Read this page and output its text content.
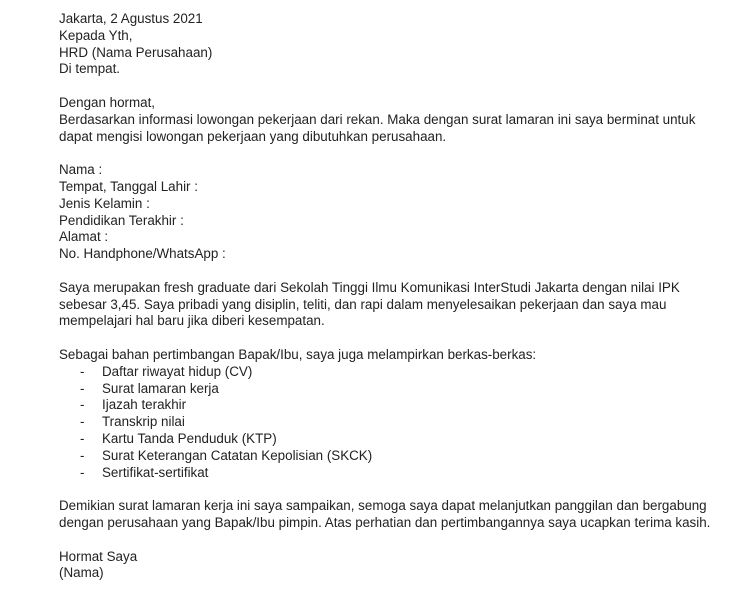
Jakarta, 2 Agustus 2021
Kepada Yth,
HRD (Nama Perusahaan)
Di tempat.
Dengan hormat,
Berdasarkan informasi lowongan pekerjaan dari rekan. Maka dengan surat lamaran ini saya berminat untuk
dapat mengisi lowongan pekerjaan yang dibutuhkan perusahaan.
Nama :
Tempat, Tanggal Lahir :
Jenis Kelamin :
Pendidikan Terakhir :
Alamat :
No. Handphone/WhatsApp :
Saya merupakan fresh graduate dari Sekolah Tinggi Ilmu Komunikasi InterStudi Jakarta dengan nilai IPK
sebesar 3,45. Saya pribadi yang disiplin, teliti, dan rapi dalam menyelesaikan pekerjaan dan saya mau
mempelajari hal baru jika diberi kesempatan.
Sebagai bahan pertimbangan Bapak/Ibu, saya juga melampirkan berkas-berkas:
- Daftar riwayat hidup (CV)
- Surat lamaran kerja
- Ijazah terakhir
- Transkrip nilai
- Kartu Tanda Penduduk (KTP)
- Surat Keterangan Catatan Kepolisian (SKCK)
- Sertifikat-sertifikat
Demikian surat lamaran kerja ini saya sampaikan, semoga saya dapat melanjutkan panggilan dan bergabung
dengan perusahaan yang Bapak/Ibu pimpin. Atas perhatian dan pertimbangannya saya ucapkan terima kasih.
Hormat Saya
(Nama)
